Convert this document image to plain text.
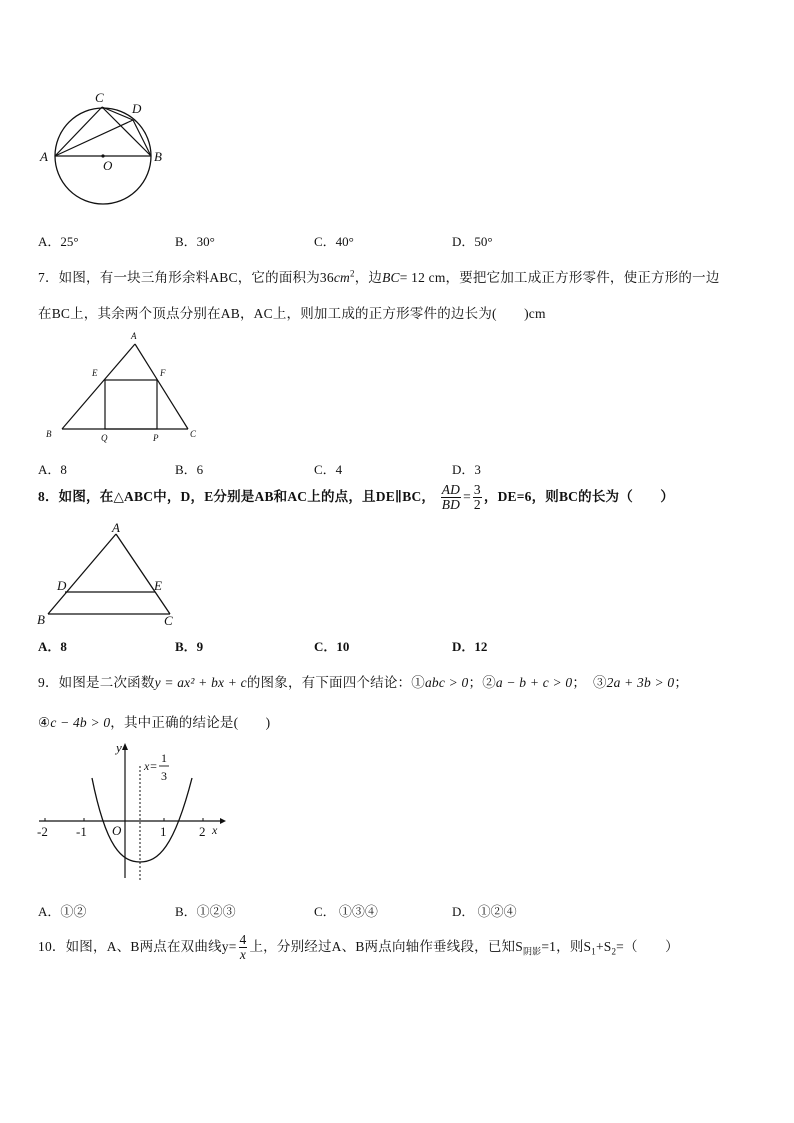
C
D
A
O
B
A．25°	B．30°	C．40°	D．50°
7．如图，有一块三角形余料ABC，它的面积为$36cm^2$，边BC= 12 cm，要把它加工成正方形零件，使正方形的一边
在BC上，其余两个顶点分别在AB，AC上，则加工成的正方形零件的边长为(　　)cm
A
E	F
B	Q	P	C
A．8	B．6	C．4	D．3
8．如图，在△ABC中，D，E分别是AB和AC上的点，且DE∥BC， $\frac{AD}{BD} = \frac{3}{2}$ ，DE=6，则BC的长为（　　）
A
D	E
B	C
A．8	B．9	C．10	D．12
9．如图是二次函数y = ax² + bx + c的图象，有下面四个结论：①abc > 0；②a − b + c > 0；　③2a + 3b > 0；
④c − 4b > 0，其中正确的结论是(　　)
y
x
x=
1
3
O
-2 -1	1	2
A．①②	B．①②③	C． ①③④	D． ①②④
10．如图，A、B两点在双曲线$y= \frac{4}{x}$ 上，分别经过A、B两点向轴作垂线段，已知$S_{阴影}=1$，则$S_1+S_2=$（　　）
